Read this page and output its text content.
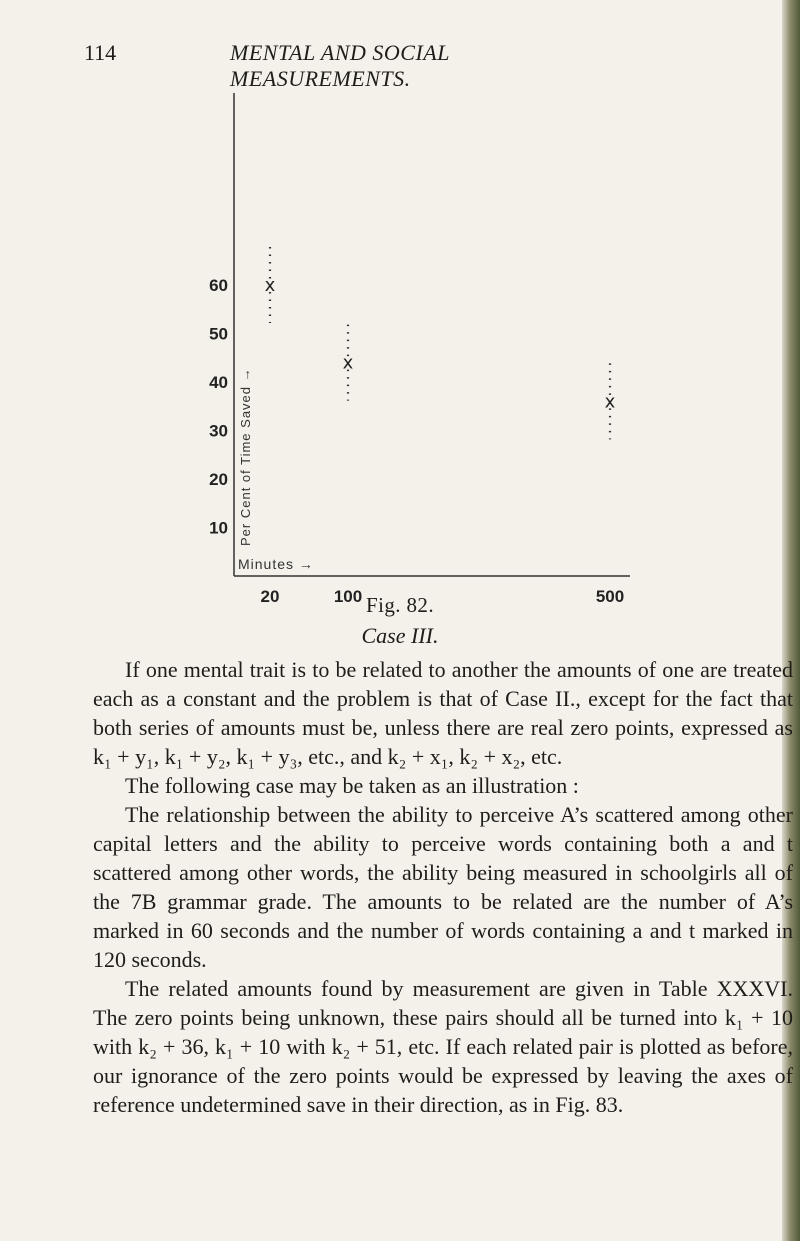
114	MENTAL AND SOCIAL MEASUREMENTS.
10
20
30
40
50
60
20	100	500
x
x
x
Per Cent of Time Saved →
Minutes →
Fig. 82.
Case III.

If one mental trait is to be related to another the amounts of one are treated each as a constant and the problem is that of Case II., except for the fact that both series of amounts must be, unless there are real zero points, expressed as k₁ + y₁, k₁ + y₂, k₁ + y₃, etc., and k₂ + x₁, k₂ + x₂, etc.

The following case may be taken as an illustration :

The relationship between the ability to perceive A’s scattered among other capital letters and the ability to perceive words containing both a and t scattered among other words, the ability being measured in schoolgirls all of the 7B grammar grade. The amounts to be related are the number of A’s marked in 60 seconds and the number of words containing a and t marked in 120 seconds.

The related amounts found by measurement are given in Table XXXVI. The zero points being unknown, these pairs should all be turned into k₁ + 10 with k₂ + 36, k₁ + 10 with k₂ + 51, etc. If each related pair is plotted as before, our ignorance of the zero points would be expressed by leaving the axes of reference undetermined save in their direction, as in Fig. 83.
